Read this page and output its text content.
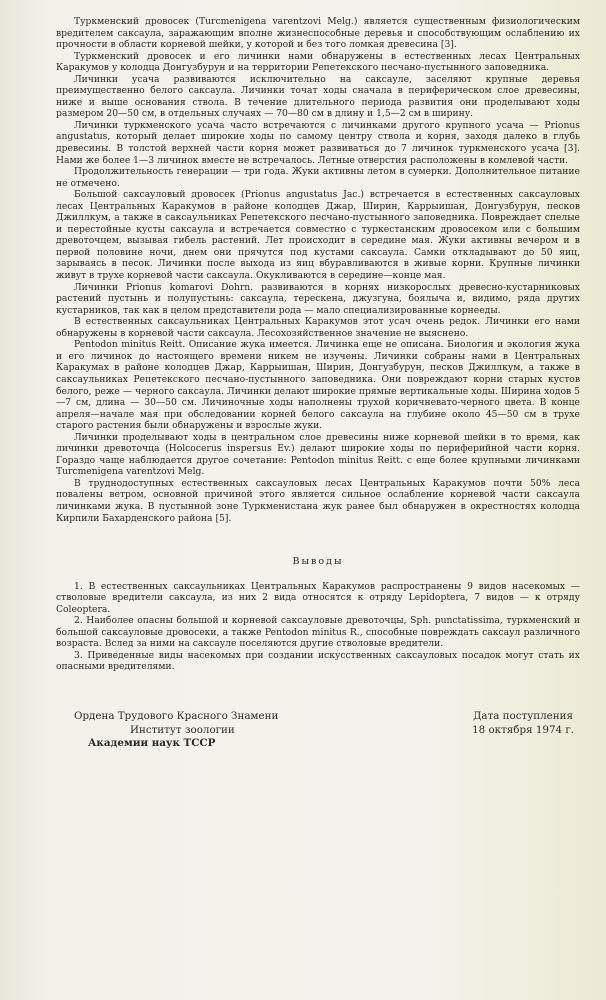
Туркменский дровосек (Turcmenigena varentzovi Melg.) является существенным физиологическим вредителем саксаула, заражающим вполне жизнеспособные деревья и способствующим ослаблению их прочности в области корневой шейки, у которой и без того ломкая древесина [3].

Туркменский дровосек и его личинки нами обнаружены в естественных лесах Центральных Каракумов у колодца Донгузбурун и на территории Репетекского песчано-пустынного заповедника.

Личинки усача развиваются исключительно на саксауле, заселяют крупные деревья преимущественно белого саксаула. Личинки точат ходы сначала в периферическом слое древесины, ниже и выше основания ствола. В течение длительного периода развития они проделывают ходы размером 20—50 см, в отдельных случаях — 70—80 см в длину и 1,5—2 см в ширину.

Личинки туркменского усача часто встречаются с личинками другого крупного усача — Prionus angustatus, который делает широкие ходы по самому центру ствола и корня, заходя далеко в глубь древесины. В толстой верхней части корня может развиваться до 7 личинок туркменского усача [3]. Нами же более 1—3 личинок вместе не встречалось. Летные отверстия расположены в комлевой части.

Продолжительность генерации — три года. Жуки активны летом в сумерки. Дополнительное питание не отмечено.

Большой саксауловый дровосек (Prionus angustatus Jac.) встречается в естественных саксауловых лесах Центральных Каракумов в районе колодцев Джар, Ширин, Каррыишан, Донгузбурун, песков Джиллкум, а также в саксаульниках Репетекского песчано-пустынного заповедника. Повреждает спелые и перестойные кусты саксаула и встречается совместно с туркестанским дровосеком или с большим древоточцем, вызывая гибель растений. Лет происходит в середине мая. Жуки активны вечером и в первой половине ночи, днем они прячутся под кустами саксаула. Самки откладывают до 50 яиц, зарываясь в песок. Личинки после выхода из яиц вбуравливаются в живые корни. Крупные личинки живут в трухе корневой части саксаула. Окукливаются в середине—конце мая.

Личинки Prionus komarovi Dohrn. развиваются в корнях низкорослых древесно-кустарниковых растений пустынь и полупустынь: саксаула, терескена, джузгуна, боялыча и, видимо, ряда других кустарников, так как в целом представители рода — мало специализированные корнееды.

В естественных саксаульниках Центральных Каракумов этот усач очень редок. Личинки его нами обнаружены в корневой части саксаула. Лесохозяйственное значение не выяснено.

Pentodon minitus Reitt. Описание жука имеется. Личинка еще не описана. Биология и экология жука и его личинок до настоящего времени никем не изучены. Личинки собраны нами в Центральных Каракумах в районе колодцев Джар, Каррыишан, Ширин, Донгузбурун, песков Джиллкум, а также в саксаульниках Репетекского песчано-пустынного заповедника. Они повреждают корни старых кустов белого, реже — черного саксаула. Личинки делают широкие прямые вертикальные ходы. Ширина ходов 5—7 см, длина — 30—50 см. Личиночные ходы наполнены трухой коричневато-черного цвета. В конце апреля—начале мая при обследовании корней белого саксаула на глубине около 45—50 см в трухе старого растения были обнаружены и взрослые жуки.

Личинки проделывают ходы в центральном слое древесины ниже корневой шейки в то время, как личинки древоточца (Holcocerus inspersus Ev.) делают широкие ходы по периферийной части корня. Гораздо чаще наблюдается другое сочетание: Pentodon minitus Reitt. с еще более крупными личинками Turcmenigena varentzovi Melg.

В труднодоступных естественных саксауловых лесах Центральных Каракумов почти 50% леса повалены ветром, основной причиной этого является сильное ослабление корневой части саксаула личинками жука. В пустынной зоне Туркменистана жук ранее был обнаружен в окрестностях колодца Кирпили Бахарденского района [5].

Выводы

1. В естественных саксаульниках Центральных Каракумов распространены 9 видов насекомых — стволовые вредители саксаула, из них 2 вида относятся к отряду Lepidoptera, 7 видов — к отряду Coleoptera.

2. Наиболее опасны большой и корневой саксауловые древоточцы, Sph. punctatissima, туркменский и большой саксауловые дровосеки, а также Pentodon minitus R., способные повреждать саксаул различного возраста. Вслед за ними на саксауле поселяются другие стволовые вредители.

3. Приведенные виды насекомых при создании искусственных саксауловых посадок могут стать их опасными вредителями.

Ордена Трудового Красного Знамени
Институт зоологии
Академии наук ТССР
Дата поступления
18 октября 1974 г.
